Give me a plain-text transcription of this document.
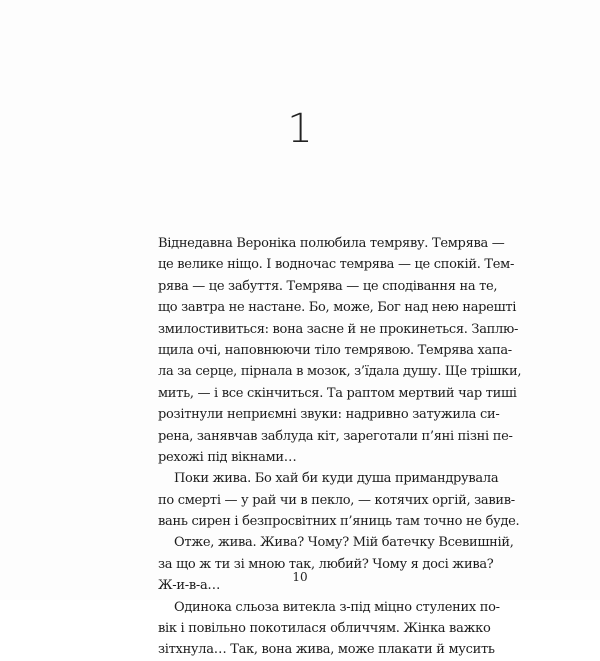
1
Віднедавна Вероніка полюбила темряву. Темрява —
це велике ніщо. І водночас темрява — це спокій. Тем-
рява — це забуття. Темрява — це сподівання на те,
що завтра не настане. Бо, може, Бог над нею нарешті
змилостивиться: вона засне й не прокинеться. Заплю-
щила очі, наповнюючи тіло темрявою. Темрява хапа-
ла за серце, пірнала в мозок, з’їдала душу. Ще трішки,
мить, — і все скінчиться. Та раптом мертвий чар тиші
розітнули неприємні звуки: надривно затужила си-
рена, занявчав заблуда кіт, зареготали п’яні пізні пе-
рехожі під вікнами…
Поки жива. Бо хай би куди душа примандрувала
по смерті — у рай чи в пекло, — котячих оргій, завив-
вань сирен і безпросвітних п’яниць там точно не буде.
Отже, жива. Жива? Чому? Мій батечку Всевишній,
за що ж ти зі мною так, любий? Чому я досі жива?
Ж-и-в-а…
Одинока сльоза витекла з-під міцно стулених по-
вік і повільно покотилася обличчям. Жінка важко
зітхнула… Так, вона жива, може плакати й мусить
10
